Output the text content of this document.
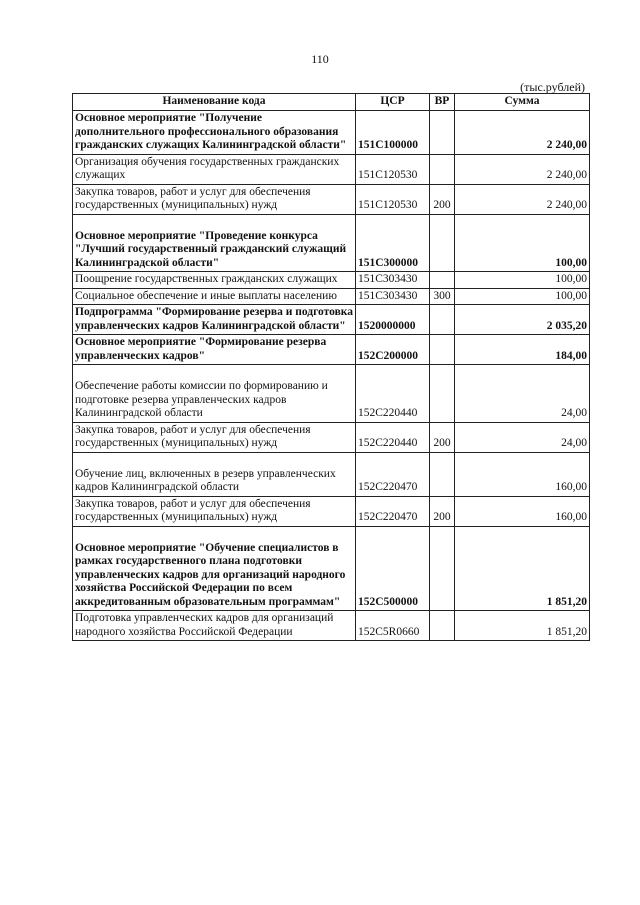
110
(тыс.рублей)
Наименование кода	ЦСР	ВР	Сумма
Основное мероприятие "Получение дополнительного профессионального образования гражданских служащих Калининградской области"	151С100000		2 240,00
Организация обучения государственных гражданских служащих	151С120530		2 240,00
Закупка товаров, работ и услуг для обеспечения государственных (муниципальных) нужд	151С120530	200	2 240,00
Основное мероприятие "Проведение конкурса "Лучший государственный гражданский служащий Калининградской области"	151С300000		100,00
Поощрение государственных гражданских служащих	151С303430		100,00
Социальное обеспечение и иные выплаты населению	151С303430	300	100,00
Подпрограмма "Формирование резерва и подготовка управленческих кадров Калининградской области"	1520000000		2 035,20
Основное мероприятие "Формирование резерва управленческих кадров"	152С200000		184,00
Обеспечение работы комиссии по формированию и подготовке резерва управленческих кадров Калининградской области	152С220440		24,00
Закупка товаров, работ и услуг для обеспечения государственных (муниципальных) нужд	152С220440	200	24,00
Обучение лиц, включенных в резерв управленческих кадров Калининградской области	152С220470		160,00
Закупка товаров, работ и услуг для обеспечения государственных (муниципальных) нужд	152С220470	200	160,00
Основное мероприятие "Обучение специалистов в рамках государственного плана подготовки управленческих кадров для организаций народного хозяйства Российской Федерации по всем аккредитованным образовательным программам"	152С500000		1 851,20
Подготовка управленческих кадров для организаций народного хозяйства Российской Федерации	152С5R0660		1 851,20
